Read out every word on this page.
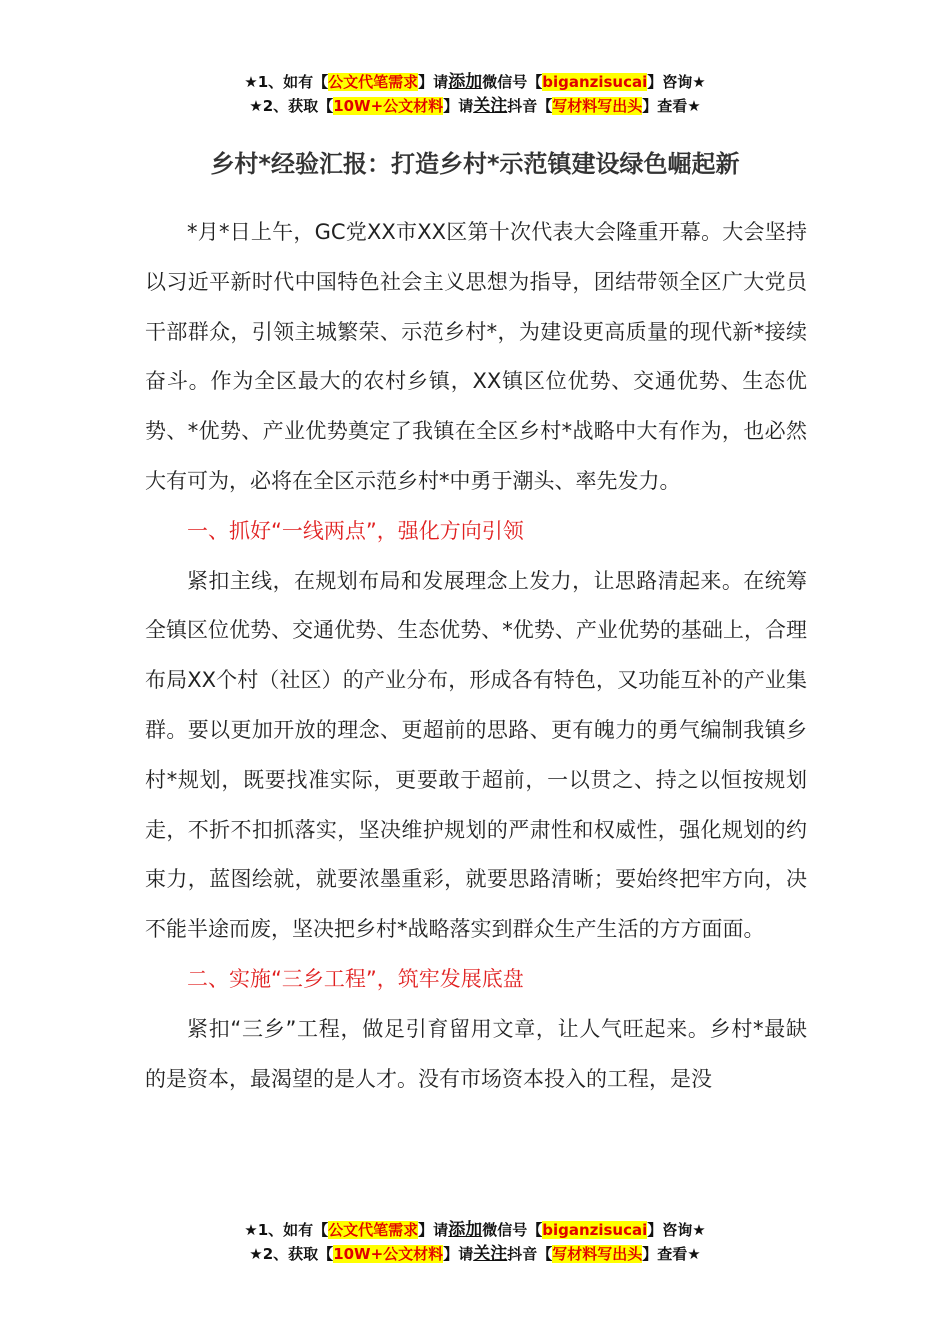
★1、如有【公文代笔需求】请添加微信号【biganzisucai】咨询★
★2、获取【10W+公文材料】请关注抖音【写材料写出头】查看★
乡村*经验汇报：打造乡村*示范镇建设绿色崛起新

*月*日上午，GC党XX市XX区第十次代表大会隆重开幕。大会坚持以习近平新时代中国特色社会主义思想为指导，团结带领全区广大党员干部群众，引领主城繁荣、示范乡村*，为建设更高质量的现代新*接续奋斗。作为全区最大的农村乡镇，XX镇区位优势、交通优势、生态优势、*优势、产业优势奠定了我镇在全区乡村*战略中大有作为，也必然大有可为，必将在全区示范乡村*中勇于潮头、率先发力。

一、抓好“一线两点”，强化方向引领

紧扣主线，在规划布局和发展理念上发力，让思路清起来。在统筹全镇区位优势、交通优势、生态优势、*优势、产业优势的基础上，合理布局XX个村（社区）的产业分布，形成各有特色，又功能互补的产业集群。要以更加开放的理念、更超前的思路、更有魄力的勇气编制我镇乡村*规划，既要找准实际，更要敢于超前，一以贯之、持之以恒按规划走，不折不扣抓落实，坚决维护规划的严肃性和权威性，强化规划的约束力，蓝图绘就，就要浓墨重彩，就要思路清晰；要始终把牢方向，决不能半途而废，坚决把乡村*战略落实到群众生产生活的方方面面。

二、实施“三乡工程”，筑牢发展底盘

紧扣“三乡”工程，做足引育留用文章，让人气旺起来。乡村*最缺的是资本，最渴望的是人才。没有市场资本投入的工程，是没

★1、如有【公文代笔需求】请添加微信号【biganzisucai】咨询★
★2、获取【10W+公文材料】请关注抖音【写材料写出头】查看★
